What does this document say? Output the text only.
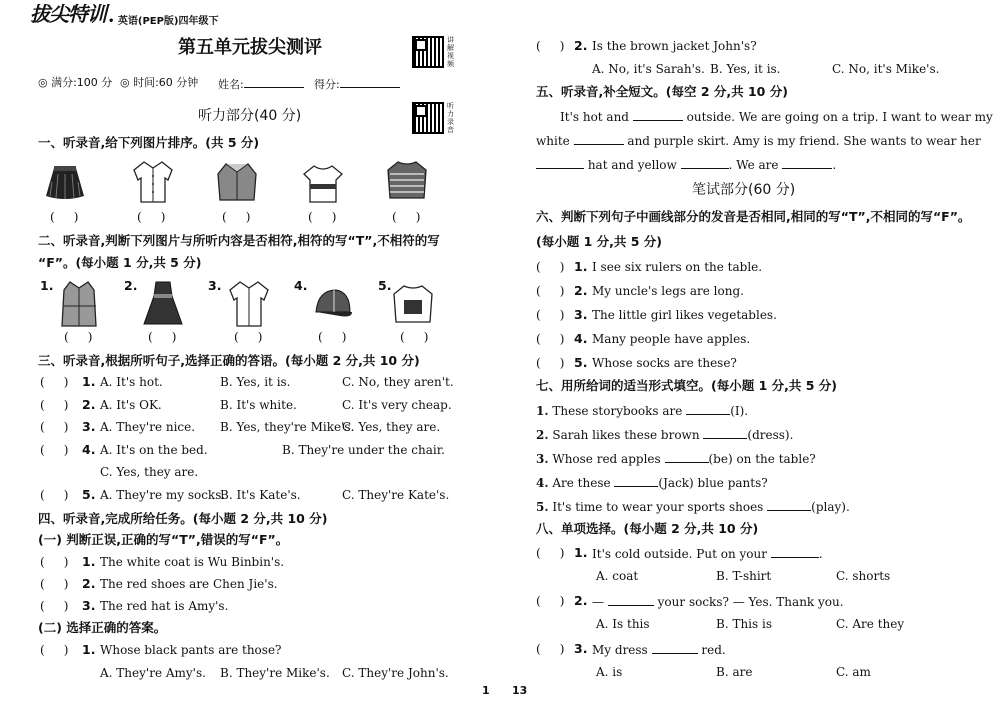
拔尖特训 • 英语(PEP版)四年级下
第五单元拔尖测评	讲解视频
◎ 满分:100 分 ◎ 时间:60 分钟 姓名:	得分:
听力部分(40 分)
听力录音
一、听录音,给下列图片排序。(共 5 分)
(     )	(     )	(     )	(     )	(     )
二、听录音,判断下列图片与所听内容是否相符,相符的写“T”,不相符的写
“F”。(每小题 1 分,共 5 分)
1.	2.	3.	4.	5.
(     )	(     )	(     )	(     )	(     )
三、听录音,根据所听句子,选择正确的答语。(每小题 2 分,共 10 分)
(     ) 1. A. It's hot.	B. Yes, it is.	C. No, they aren't.
(     ) 2. A. It's OK.	B. It's white.	C. It's very cheap.
(     ) 3. A. They're nice. B. Yes, they're Mike's.
C. Yes, they are.
(     ) 4. A. It's on the bed.	B. They're under the chair.
C. Yes, they are.
(     ) 5. A. They're my socks.
B. It's Kate's.	C. They're Kate's.
四、听录音,完成所给任务。(每小题 2 分,共 10 分)
(一) 判断正误,正确的写“T”,错误的写“F”。
(     ) 1. The white coat is Wu Binbin's.
(     ) 2. The red shoes are Chen Jie's.
(     ) 3. The red hat is Amy's.
(二) 选择正确的答案。
(     ) 1. Whose black pants are those?
A. They're Amy's. B. They're Mike's. C. They're John's.
1 13
(     ) 2. Is the brown jacket John's?
A. No, it's Sarah's. B. Yes, it is.	C. No, it's Mike's.
五、听录音,补全短文。(每空 2 分,共 10 分)
It's hot and	outside. We are going on a trip. I want to wear my
white	and purple skirt. Amy is my friend. She wants to wear her
hat and yellow	. We are	.
笔试部分(60 分)
六、判断下列句子中画线部分的发音是否相同,相同的写“T”,不相同的写“F”。
(每小题 1 分,共 5 分)
(     ) 1. I see six rulers on the table.
(     ) 2. My uncle's legs are long.
(     ) 3. The little girl likes vegetables.
(     ) 4. Many people have apples.
(     ) 5. Whose socks are these?
七、用所给词的适当形式填空。(每小题 1 分,共 5 分)
1. These storybooks are	(I).
2. Sarah likes these brown	(dress).
3. Whose red apples	(be) on the table?
4. Are these	(Jack) blue pants?
5. It's time to wear your sports shoes	(play).
八、单项选择。(每小题 2 分,共 10 分)
(     ) 1. It's cold outside. Put on your	.
A. coat	B. T-shirt	C. shorts
(     ) 2. —	your socks? — Yes. Thank you.
A. Is this	B. This is	C. Are they
(     ) 3. My dress	red.
A. is	B. are	C. am
